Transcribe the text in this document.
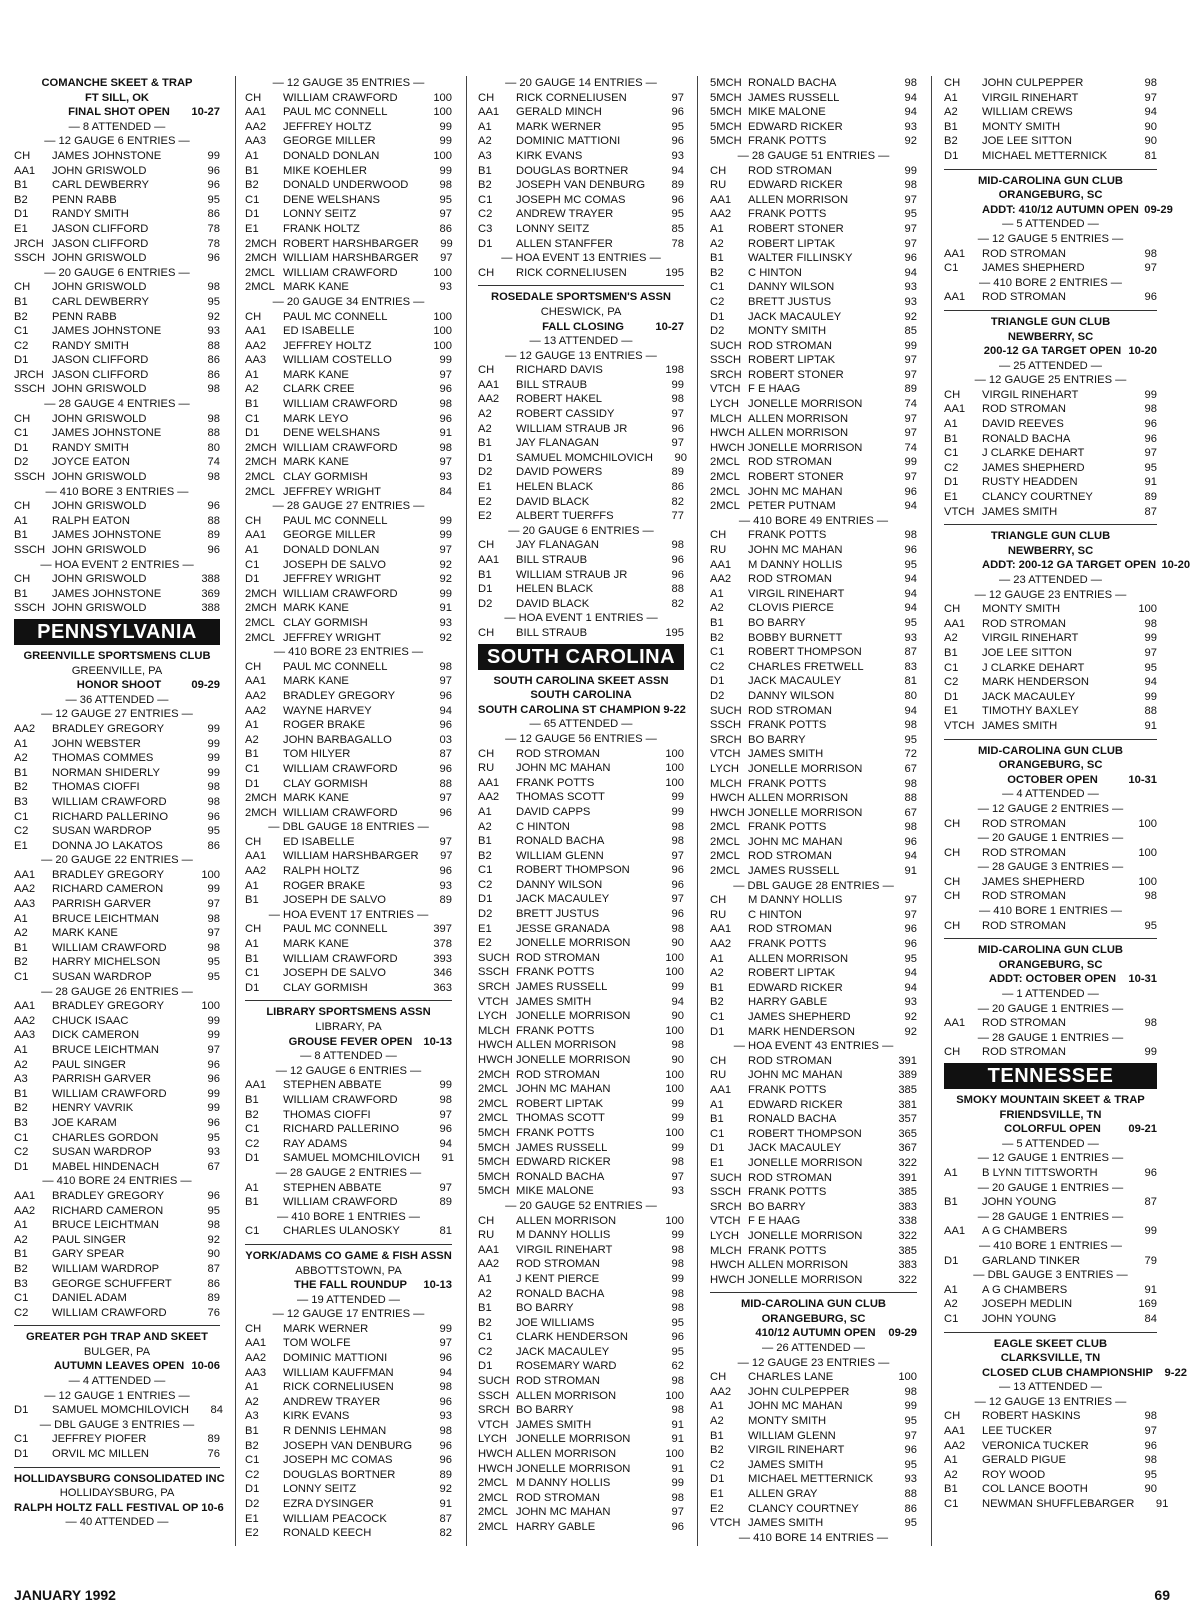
COMANCHE SKEET & TRAP
FT SILL, OK
FINAL SHOT OPEN	10-27
— 8 ATTENDED —
— 12 GAUGE 6 ENTRIES —
CH	JAMES JOHNSTONE	99
AA1	JOHN GRISWOLD	96
B1	CARL DEWBERRY	96
B2	PENN RABB	95
D1	RANDY SMITH	86
E1	JASON CLIFFORD	78
JRCH JASON CLIFFORD	78
SSCH JOHN GRISWOLD	96
— 20 GAUGE 6 ENTRIES —
CH	JOHN GRISWOLD	98
B1	CARL DEWBERRY	95
B2	PENN RABB	92
C1	JAMES JOHNSTONE	93
C2	RANDY SMITH	88
D1	JASON CLIFFORD	86
JRCH JASON CLIFFORD	86
SSCH JOHN GRISWOLD	98
— 28 GAUGE 4 ENTRIES —
CH	JOHN GRISWOLD	98
C1	JAMES JOHNSTONE	88
D1	RANDY SMITH	80
D2	JOYCE EATON	74
SSCH JOHN GRISWOLD	98
— 410 BORE 3 ENTRIES —
CH	JOHN GRISWOLD	96
A1	RALPH EATON	88
B1	JAMES JOHNSTONE	89
SSCH JOHN GRISWOLD	96
— HOA EVENT 2 ENTRIES —
CH	JOHN GRISWOLD	388
B1	JAMES JOHNSTONE	369
SSCH JOHN GRISWOLD	388
PENNSYLVANIA
GREENVILLE SPORTSMENS CLUB
GREENVILLE, PA
HONOR SHOOT	09-29
— 36 ATTENDED —
— 12 GAUGE 27 ENTRIES —
AA2	BRADLEY GREGORY	99
A1	JOHN WEBSTER	99
A2	THOMAS COMMES	99
B1	NORMAN SHIDERLY	99
B2	THOMAS CIOFFI	98
B3	WILLIAM CRAWFORD	98
C1	RICHARD PALLERINO	96
C2	SUSAN WARDROP	95
E1	DONNA JO LAKATOS	86
— 20 GAUGE 22 ENTRIES —
AA1	BRADLEY GREGORY	100
AA2	RICHARD CAMERON	99
AA3	PARRISH GARVER	97
A1	BRUCE LEICHTMAN	98
A2	MARK KANE	97
B1	WILLIAM CRAWFORD	98
B2	HARRY MICHELSON	95
C1	SUSAN WARDROP	95
— 28 GAUGE 26 ENTRIES —
AA1	BRADLEY GREGORY	100
AA2	CHUCK ISAAC	99
AA3	DICK CAMERON	99
A1	BRUCE LEICHTMAN	97
A2	PAUL SINGER	96
A3	PARRISH GARVER	96
B1	WILLIAM CRAWFORD	99
B2	HENRY VAVRIK	99
B3	JOE KARAM	96
C1	CHARLES GORDON	95
C2	SUSAN WARDROP	93
D1	MABEL HINDENACH	67
— 410 BORE 24 ENTRIES —
AA1	BRADLEY GREGORY	96
AA2	RICHARD CAMERON	95
A1	BRUCE LEICHTMAN	98
A2	PAUL SINGER	92
B1	GARY SPEAR	90
B2	WILLIAM WARDROP	87
B3	GEORGE SCHUFFERT	86
C1	DANIEL ADAM	89
C2	WILLIAM CRAWFORD	76
GREATER PGH TRAP AND SKEET
BULGER, PA
AUTUMN LEAVES OPEN 10-06
— 4 ATTENDED —
— 12 GAUGE 1 ENTRIES —
D1	SAMUEL MOMCHILOVICH	84
— DBL GAUGE 3 ENTRIES —
C1	JEFFREY PIOFER	89
D1	ORVIL MC MILLEN	76
HOLLIDAYSBURG CONSOLIDATED INC
HOLLIDAYSBURG, PA
RALPH HOLTZ FALL FESTIVAL OP 10-6
— 40 ATTENDED —
— 12 GAUGE 35 ENTRIES —
CH	WILLIAM CRAWFORD	100
AA1	PAUL MC CONNELL	100
AA2	JEFFREY HOLTZ	99
AA3	GEORGE MILLER	99
A1	DONALD DONLAN	100
B1	MIKE KOEHLER	99
B2	DONALD UNDERWOOD	98
C1	DENE WELSHANS	95
D1	LONNY SEITZ	97
E1	FRANK HOLTZ	86
2MCH ROBERT HARSHBARGER	99
2MCH WILLIAM HARSHBARGER	97
2MCL WILLIAM CRAWFORD	100
2MCL MARK KANE	93
— 20 GAUGE 34 ENTRIES —
CH	PAUL MC CONNELL	100
AA1	ED ISABELLE	100
AA2	JEFFREY HOLTZ	100
AA3	WILLIAM COSTELLO	99
A1	MARK KANE	97
A2	CLARK CREE	96
B1	WILLIAM CRAWFORD	98
C1	MARK LEYO	96
D1	DENE WELSHANS	91
2MCH WILLIAM CRAWFORD	98
2MCH MARK KANE	97
2MCL CLAY GORMISH	93
2MCL JEFFREY WRIGHT	84
— 28 GAUGE 27 ENTRIES —
CH	PAUL MC CONNELL	99
AA1	GEORGE MILLER	99
A1	DONALD DONLAN	97
C1	JOSEPH DE SALVO	92
D1	JEFFREY WRIGHT	92
2MCH WILLIAM CRAWFORD	99
2MCH MARK KANE	91
2MCL CLAY GORMISH	93
2MCL JEFFREY WRIGHT	92
— 410 BORE 23 ENTRIES —
CH	PAUL MC CONNELL	98
AA1	MARK KANE	97
AA2	BRADLEY GREGORY	96
AA2	WAYNE HARVEY	94
A1	ROGER BRAKE	96
A2	JOHN BARBAGALLO	03
B1	TOM HILYER	87
C1	WILLIAM CRAWFORD	96
D1	CLAY GORMISH	88
2MCH MARK KANE	97
2MCH WILLIAM CRAWFORD	96
— DBL GAUGE 18 ENTRIES —
CH	ED ISABELLE	97
AA1	WILLIAM HARSHBARGER	97
AA2	RALPH HOLTZ	96
A1	ROGER BRAKE	93
B1	JOSEPH DE SALVO	89
— HOA EVENT 17 ENTRIES —
CH	PAUL MC CONNELL	397
A1	MARK KANE	378
B1	WILLIAM CRAWFORD	393
C1	JOSEPH DE SALVO	346
D1	CLAY GORMISH	363
LIBRARY SPORTSMENS ASSN
LIBRARY, PA
GROUSE FEVER OPEN 10-13
— 8 ATTENDED —
— 12 GAUGE 6 ENTRIES —
AA1	STEPHEN ABBATE	99
B1	WILLIAM CRAWFORD	98
B2	THOMAS CIOFFI	97
C1	RICHARD PALLERINO	96
C2	RAY ADAMS	94
D1	SAMUEL MOMCHILOVICH	91
— 28 GAUGE 2 ENTRIES —
A1	STEPHEN ABBATE	97
B1	WILLIAM CRAWFORD	89
— 410 BORE 1 ENTRIES —
C1	CHARLES ULANOSKY	81
YORK/ADAMS CO GAME & FISH ASSN
ABBOTTSTOWN, PA
THE FALL ROUNDUP	10-13
— 19 ATTENDED —
— 12 GAUGE 17 ENTRIES —
CH	MARK WERNER	99
AA1	TOM WOLFE	97
AA2	DOMINIC MATTIONI	96
AA3	WILLIAM KAUFFMAN	94
A1	RICK CORNELIUSEN	98
A2	ANDREW TRAYER	96
A3	KIRK EVANS	93
B1	R DENNIS LEHMAN	98
B2	JOSEPH VAN DENBURG	96
C1	JOSEPH MC COMAS	96
C2	DOUGLAS BORTNER	89
D1	LONNY SEITZ	92
D2	EZRA DYSINGER	91
E1	WILLIAM PEACOCK	87
E2	RONALD KEECH	82
— 20 GAUGE 14 ENTRIES —
CH	RICK CORNELIUSEN	97
AA1	GERALD MINCH	96
A1	MARK WERNER	95
A2	DOMINIC MATTIONI	96
A3	KIRK EVANS	93
B1	DOUGLAS BORTNER	94
B2	JOSEPH VAN DENBURG	89
C1	JOSEPH MC COMAS	96
C2	ANDREW TRAYER	95
C3	LONNY SEITZ	85
D1	ALLEN STANFFER	78
— HOA EVENT 13 ENTRIES —
CH	RICK CORNELIUSEN	195
ROSEDALE SPORTSMEN'S ASSN
CHESWICK, PA
FALL CLOSING	10-27
— 13 ATTENDED —
— 12 GAUGE 13 ENTRIES —
CH	RICHARD DAVIS	198
AA1	BILL STRAUB	99
AA2	ROBERT HAKEL	98
A2	ROBERT CASSIDY	97
A2	WILLIAM STRAUB JR	96
B1	JAY FLANAGAN	97
D1	SAMUEL MOMCHILOVICH	90
D2	DAVID POWERS	89
E1	HELEN BLACK	86
E2	DAVID BLACK	82
E2	ALBERT TUERFFS	77
— 20 GAUGE 6 ENTRIES —
CH	JAY FLANAGAN	98
AA1	BILL STRAUB	96
B1	WILLIAM STRAUB JR	96
D1	HELEN BLACK	88
D2	DAVID BLACK	82
— HOA EVENT 1 ENTRIES —
CH	BILL STRAUB	195
SOUTH CAROLINA
SOUTH CAROLINA SKEET ASSN
SOUTH CAROLINA
SOUTH CAROLINA ST CHAMPION 9-22
— 65 ATTENDED —
— 12 GAUGE 56 ENTRIES —
CH	ROD STROMAN	100
RU	JOHN MC MAHAN	100
AA1	FRANK POTTS	100
AA2	THOMAS SCOTT	99
A1	DAVID CAPPS	99
A2	C HINTON	98
B1	RONALD BACHA	98
B2	WILLIAM GLENN	97
C1	ROBERT THOMPSON	96
C2	DANNY WILSON	96
D1	JACK MACAULEY	97
D2	BRETT JUSTUS	96
E1	JESSE GRANADA	98
E2	JONELLE MORRISON	90
SUCH ROD STROMAN	100
SSCH FRANK POTTS	100
SRCH JAMES RUSSELL	99
VTCH JAMES SMITH	94
LYCH JONELLE MORRISON	90
MLCH FRANK POTTS	100
HWCH ALLEN MORRISON	98
HWCH JONELLE MORRISON	90
2MCH ROD STROMAN	100
2MCL JOHN MC MAHAN	100
2MCL ROBERT LIPTAK	99
2MCL THOMAS SCOTT	99
5MCH FRANK POTTS	100
5MCH JAMES RUSSELL	99
5MCH EDWARD RICKER	98
5MCH RONALD BACHA	97
5MCH MIKE MALONE	93
— 20 GAUGE 52 ENTRIES —
CH	ALLEN MORRISON	100
RU	M DANNY HOLLIS	99
AA1	VIRGIL RINEHART	98
AA2	ROD STROMAN	98
A1	J KENT PIERCE	99
A2	RONALD BACHA	98
B1	BO BARRY	98
B2	JOE WILLIAMS	95
C1	CLARK HENDERSON	96
C2	JACK MACAULEY	95
D1	ROSEMARY WARD	62
SUCH ROD STROMAN	98
SSCH ALLEN MORRISON	100
SRCH BO BARRY	98
VTCH JAMES SMITH	91
LYCH JONELLE MORRISON	91
HWCH ALLEN MORRISON	100
HWCH JONELLE MORRISON	91
2MCL M DANNY HOLLIS	99
2MCL ROD STROMAN	98
2MCL JOHN MC MAHAN	97
2MCL HARRY GABLE	96
5MCH RONALD BACHA	98
5MCH JAMES RUSSELL	94
5MCH MIKE MALONE	94
5MCH EDWARD RICKER	93
5MCH FRANK POTTS	92
— 28 GAUGE 51 ENTRIES —
CH	ROD STROMAN	99
RU	EDWARD RICKER	98
AA1	ALLEN MORRISON	97
AA2	FRANK POTTS	95
A1	ROBERT STONER	97
A2	ROBERT LIPTAK	97
B1	WALTER FILLINSKY	96
B2	C HINTON	94
C1	DANNY WILSON	93
C2	BRETT JUSTUS	93
D1	JACK MACAULEY	92
D2	MONTY SMITH	85
SUCH ROD STROMAN	99
SSCH ROBERT LIPTAK	97
SRCH ROBERT STONER	97
VTCH F E HAAG	89
LYCH JONELLE MORRISON	74
MLCH ALLEN MORRISON	97
HWCH ALLEN MORRISON	97
HWCH JONELLE MORRISON	74
2MCL ROD STROMAN	99
2MCL ROBERT STONER	97
2MCL JOHN MC MAHAN	96
2MCL PETER PUTNAM	94
— 410 BORE 49 ENTRIES —
CH	FRANK POTTS	98
RU	JOHN MC MAHAN	96
AA1	M DANNY HOLLIS	95
AA2	ROD STROMAN	94
A1	VIRGIL RINEHART	94
A2	CLOVIS PIERCE	94
B1	BO BARRY	95
B2	BOBBY BURNETT	93
C1	ROBERT THOMPSON	87
C2	CHARLES FRETWELL	83
D1	JACK MACAULEY	81
D2	DANNY WILSON	80
SUCH ROD STROMAN	94
SSCH FRANK POTTS	98
SRCH BO BARRY	95
VTCH JAMES SMITH	72
LYCH JONELLE MORRISON	67
MLCH FRANK POTTS	98
HWCH ALLEN MORRISON	88
HWCH JONELLE MORRISON	67
2MCL FRANK POTTS	98
2MCL JOHN MC MAHAN	96
2MCL ROD STROMAN	94
2MCL JAMES RUSSELL	91
— DBL GAUGE 28 ENTRIES —
CH	M DANNY HOLLIS	97
RU	C HINTON	97
AA1	ROD STROMAN	96
AA2	FRANK POTTS	96
A1	ALLEN MORRISON	95
A2	ROBERT LIPTAK	94
B1	EDWARD RICKER	94
B2	HARRY GABLE	93
C1	JAMES SHEPHERD	92
D1	MARK HENDERSON	92
— HOA EVENT 43 ENTRIES —
CH	ROD STROMAN	391
RU	JOHN MC MAHAN	389
AA1	FRANK POTTS	385
A1	EDWARD RICKER	381
B1	RONALD BACHA	357
C1	ROBERT THOMPSON	365
D1	JACK MACAULEY	367
E1	JONELLE MORRISON	322
SUCH ROD STROMAN	391
SSCH FRANK POTTS	385
SRCH BO BARRY	383
VTCH F E HAAG	338
LYCH JONELLE MORRISON	322
MLCH FRANK POTTS	385
HWCH ALLEN MORRISON	383
HWCH JONELLE MORRISON	322
MID-CAROLINA GUN CLUB
ORANGEBURG, SC
410/12 AUTUMN OPEN	09-29
— 26 ATTENDED —
— 12 GAUGE 23 ENTRIES —
CH	CHARLES LANE	100
AA2	JOHN CULPEPPER	98
A1	JOHN MC MAHAN	99
A2	MONTY SMITH	95
B1	WILLIAM GLENN	97
B2	VIRGIL RINEHART	96
C2	JAMES SMITH	95
D1	MICHAEL METTERNICK	93
E1	ALLEN GRAY	88
E2	CLANCY COURTNEY	86
VTCH JAMES SMITH	95
— 410 BORE 14 ENTRIES —
CH	JOHN CULPEPPER	98
A1	VIRGIL RINEHART	97
A2	WILLIAM CREWS	94
B1	MONTY SMITH	90
B2	JOE LEE SITTON	90
D1	MICHAEL METTERNICK	81
MID-CAROLINA GUN CLUB
ORANGEBURG, SC
ADDT: 410/12 AUTUMN OPEN 09-29
— 5 ATTENDED —
— 12 GAUGE 5 ENTRIES —
AA1	ROD STROMAN	98
C1	JAMES SHEPHERD	97
— 410 BORE 2 ENTRIES —
AA1	ROD STROMAN	96
TRIANGLE GUN CLUB
NEWBERRY, SC
200-12 GA TARGET OPEN 10-20
— 25 ATTENDED —
— 12 GAUGE 25 ENTRIES —
CH	VIRGIL RINEHART	99
AA1	ROD STROMAN	98
A1	DAVID REEVES	96
B1	RONALD BACHA	96
C1	J CLARKE DEHART	97
C2	JAMES SHEPHERD	95
D1	RUSTY HEADDEN	91
E1	CLANCY COURTNEY	89
VTCH JAMES SMITH	87
TRIANGLE GUN CLUB
NEWBERRY, SC
ADDT: 200-12 GA TARGET OPEN 10-20
— 23 ATTENDED —
— 12 GAUGE 23 ENTRIES —
CH	MONTY SMITH	100
AA1	ROD STROMAN	98
A2	VIRGIL RINEHART	99
B1	JOE LEE SITTON	97
C1	J CLARKE DEHART	95
C2	MARK HENDERSON	94
D1	JACK MACAULEY	99
E1	TIMOTHY BAXLEY	88
VTCH JAMES SMITH	91
MID-CAROLINA GUN CLUB
ORANGEBURG, SC
OCTOBER OPEN	10-31
— 4 ATTENDED —
— 12 GAUGE 2 ENTRIES —
CH	ROD STROMAN	100
— 20 GAUGE 1 ENTRIES —
CH	ROD STROMAN	100
— 28 GAUGE 3 ENTRIES —
CH	JAMES SHEPHERD	100
CH	ROD STROMAN	98
— 410 BORE 1 ENTRIES —
CH	ROD STROMAN	95
MID-CAROLINA GUN CLUB
ORANGEBURG, SC
ADDT: OCTOBER OPEN	10-31
— 1 ATTENDED —
— 20 GAUGE 1 ENTRIES —
AA1	ROD STROMAN	98
— 28 GAUGE 1 ENTRIES —
CH	ROD STROMAN	99
TENNESSEE
SMOKY MOUNTAIN SKEET & TRAP
FRIENDSVILLE, TN
COLORFUL OPEN	09-21
— 5 ATTENDED —
— 12 GAUGE 1 ENTRIES —
A1	B LYNN TITTSWORTH	96
— 20 GAUGE 1 ENTRIES —
B1	JOHN YOUNG	87
— 28 GAUGE 1 ENTRIES —
AA1	A G CHAMBERS	99
— 410 BORE 1 ENTRIES —
D1	GARLAND TINKER	79
— DBL GAUGE 3 ENTRIES —
A1	A G CHAMBERS	91
A2	JOSEPH MEDLIN	169
C1	JOHN YOUNG	84
EAGLE SKEET CLUB
CLARKSVILLE, TN
CLOSED CLUB CHAMPIONSHIP	9-22
— 13 ATTENDED —
— 12 GAUGE 13 ENTRIES —
CH	ROBERT HASKINS	98
AA1	LEE TUCKER	97
AA2	VERONICA TUCKER	96
A1	GERALD PIGUE	98
A2	ROY WOOD	95
B1	COL LANCE BOOTH	90
C1	NEWMAN SHUFFLEBARGER	91
JANUARY 1992	69
